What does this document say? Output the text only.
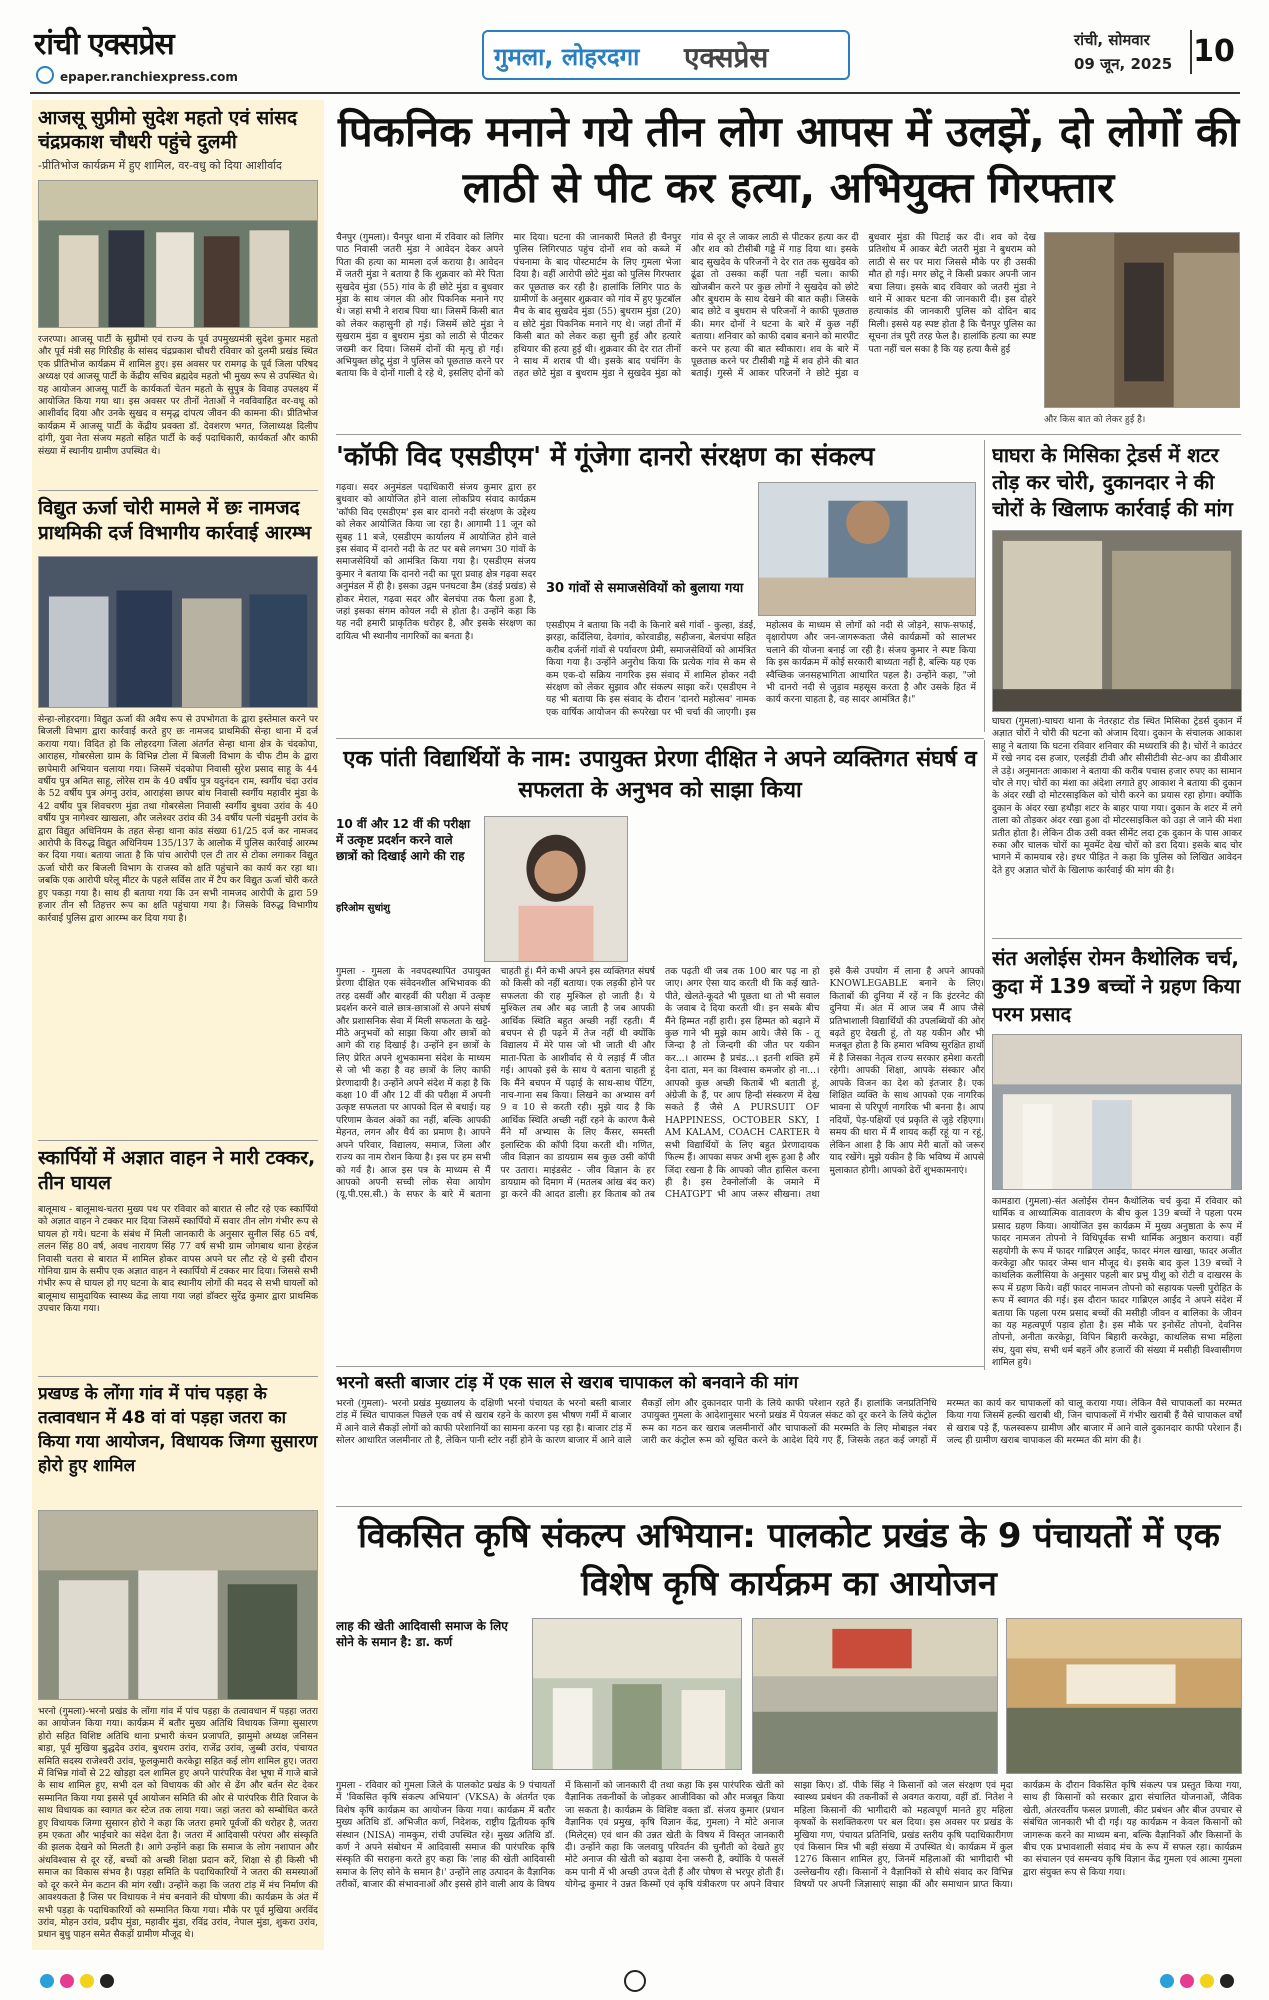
रांची एक्सप्रेस
epaper.ranchiexpress.com
गुमला, लोहरदगा एक्सप्रेस
रांची, सोमवार
09 जून, 2025 10
आजसू सुप्रीमो सुदेश महतो एवं सांसद चंद्रप्रकाश चौधरी पहुंचे दुलमी
-प्रीतिभोज कार्यक्रम में हुए शामिल, वर-वधु को दिया आशीर्वाद
रजरप्पा। आजसू पार्टी के सुप्रीमो एवं राज्य के पूर्व उपमुख्यमंत्री सुदेश कुमार महतो और पूर्व मंत्री सह गिरिडीह के सांसद चंद्रप्रकाश चौधरी रविवार को दुलमी प्रखंड स्थित एक प्रीतिभोज कार्यक्रम में शामिल हुए। इस अवसर पर रामगढ़ के पूर्व जिला परिषद अध्यक्ष एवं आजसू पार्टी के केंद्रीय सचिव ब्रह्मदेव महतो भी मुख्य रूप से उपस्थित थे। यह आयोजन आजसू पार्टी के कार्यकर्ता चेतन महतो के सुपुत्र के विवाह उपलक्ष्य में आयोजित किया गया था। इस अवसर पर तीनों नेताओं ने नवविवाहित वर-वधू को आशीर्वाद दिया और उनके सुखद व समृद्ध दांपत्य जीवन की कामना की। प्रीतिभोज कार्यक्रम में आजसू पार्टी के केंद्रीय प्रवक्ता डॉ. देवशरण भगत, जिलाध्यक्ष दिलीप दांगी, युवा नेता संजय महतो सहित पार्टी के कई पदाधिकारी, कार्यकर्ता और काफी संख्या में स्थानीय ग्रामीण उपस्थित थे।
विद्युत ऊर्जा चोरी मामले में छः नामजद प्राथमिकी दर्ज विभागीय कार्रवाई आरम्भ
सेन्हा-लोहरदगा। विद्युत ऊर्जा की अवैध रूप से उपभोगता के द्वारा इस्तेमाल करने पर बिजली विभाग द्वारा कार्रवाई करते हुए छः नामजद प्राथमिकी सेन्हा थाना में दर्ज कराया गया। विदित हो कि लोहरदगा जिला अंतर्गत सेन्हा थाना क्षेत्र के चंदकोपा, आराहस, गोबरसेला ग्राम के विभिन्न टोला में बिजली विभाग के चीफ टीम के द्वारा छापेमारी अभियान चलाया गया। जिसमें चंदकोपा निवासी सुरेश प्रसाद साहू के 44 वर्षीय पुत्र अमित साहू, लोरेस राम के 40 वर्षीय पुत्र यदुनंदन राम, स्वर्गीय चंदा उरांव के 52 वर्षीय पुत्र अंगनु उरांव, आराहंसा छापर बांध निवासी स्वर्गीय महावीर मुंडा के 42 वर्षीय पुत्र शिवचरण मुंडा तथा गोबरसेला निवासी स्वर्गीय बुधवा उरांव के 40 वर्षीय पुत्र नागेश्वर खाखला, और जलेश्वर उरांव की 34 वर्षीय पत्नी चंद्रमुनी उरांव के द्वारा विद्युत अधिनियम के तहत सेन्हा थाना कांड संख्या 61/25 दर्ज कर नामजद आरोपी के विरुद्ध विद्युत अधिनियम 135/137 के आलोक में पुलिस कार्रवाई आरम्भ कर दिया गया। बताया जाता है कि पांच आरोपी एल टी तार से टोका लगाकर विद्युत ऊर्जा चोरी कर बिजली विभाग के राजस्व को क्षति पहुंचाने का कार्य कर रहा था। जबकि एक आरोपी घरेलू मीटर के पहले सर्विस तार में टैप कर विद्युत ऊर्जा चोरी करते हुए पकड़ा गया है। साथ ही बताया गया कि उन सभी नामजद आरोपी के द्वारा 59 हजार तीन सौ तिहत्तर रूप का क्षति पहुंचाया गया है। जिसके विरुद्ध विभागीय कार्रवाई पुलिस द्वारा आरम्भ कर दिया गया है।
स्कार्पियों में अज्ञात वाहन ने मारी टक्कर, तीन घायल
बालूमाथ - बालूमाथ-चतरा मुख्य पथ पर रविवार को बारात से लौट रहे एक स्कार्पियो को अज्ञात वाहन ने टक्कर मार दिया जिसमें स्कार्पियो में सवार तीन लोग गंभीर रूप से घायल हो गये। घटना के संबंध में मिली जानकारी के अनुसार सुनील सिंह 65 वर्ष, ललन सिंह 80 वर्ष, अवध नारायण सिंह 77 वर्ष सभी ग्राम जोगबाथ थाना हेरहंज निवासी चतरा से बारात में शामिल होकर वापस अपने घर लौट रहे थे इसी दौरान गोनिया ग्राम के समीप एक अज्ञात वाहन ने स्कार्पियो में टक्कर मार दिया। जिससे सभी गंभीर रूप से घायल हो गए घटना के बाद स्थानीय लोगों की मदद से सभी घायलों को बालूमाथ सामुदायिक स्वास्थ्य केंद्र लाया गया जहां डॉक्टर सुरेंद्र कुमार द्वारा प्राथमिक उपचार किया गया।
प्रखण्ड के लोंगा गांव में पांच पड़हा के तत्वावधान में 48 वां वां पड़हा जतरा का किया गया आयोजन, विधायक जिग्गा सुसारण होरो हुए शामिल
भरनो (गुमला)-भरनो प्रखंड के लोंगा गांव में पांच पड़हा के तत्वावधान में पड़हा जतरा का आयोजन किया गया। कार्यक्रम में बतौर मुख्य अतिथि विधायक जिग्गा सुसारण होरो सहित विशिष्ट अतिथि थाना प्रभारी कंचन प्रजापति, झामुमो अध्यक्ष जनिसन बाड़ा, पूर्व मुखिया बुद्धदेव उरांव, बुधराम उरांव, राजेंद्र उरांव, जुब्बी उरांव, पंचायत समिति सदस्य राजेश्वरी उरांव, फूलकुमारी करकेट्टा सहित कई लोग शामिल हुए। जतरा में विभिन्न गांवों से 22 खोड़हा दल शामिल हुए अपने पारंपरिक वेश भूषा में गाजे बाजे के साथ शामिल हुए, सभी दल को विधायक की ओर से ढेंग और बर्तन सेट देकर सम्मानित किया गया इससे पूर्व आयोजन समिति की ओर से पारंपरिक रीति रिवाज के साथ विधायक का स्वागत कर स्टेज तक लाया गया। जहां जतरा को सम्बोधित करते हुए विधायक जिग्गा सुसारन होरो ने कहा कि जतरा हमारे पूर्वजों की धरोहर है, जतरा हम एकता और भाईचारे का संदेश देता है। जतरा में आदिवासी परंपरा और संस्कृति की झलक देखने को मिलती है। आगे उन्होंने कहा कि समाज के लोग नशापान और अंधविश्वास से दूर रहें, बच्चों को अच्छी शिक्षा प्रदान करें, शिक्षा से ही किसी भी समाज का विकास संभव है। पड़हा समिति के पदाधिकारियों ने जतरा की समस्याओं को दूर करने मेन कटान की मांग रखी। उन्होंने कहा कि जतरा टांड़ में मंच निर्माण की आवश्यकता है जिस पर विधायक ने मंच बनवाने की घोषणा की। कार्यक्रम के अंत में सभी पड़हा के पदाधिकारियों को सम्मानित किया गया। मौके पर पूर्व मुखिया अरविंद उरांव, मोहन उरांव, प्रदीप मुंडा, महावीर मुंडा, रविंद्र उरांव, नेपाल मुंडा, शुकरा उरांव, प्रधान बुधु पाहन समेत सैकड़ों ग्रामीण मौजूद थे।
पिकनिक मनाने गये तीन लोग आपस में उलझें, दो लोगों की लाठी से पीट कर हत्या, अभियुक्त गिरफ्तार
चैनपुर (गुमला)। चैनपुर थाना में रविवार को लिगिर पाठ निवासी जतरी मुंडा ने आवेदन देकर अपने पिता की हत्या का मामला दर्ज कराया है। आवेदन में जतरी मुंडा ने बताया है कि शुक्रवार को मेरे पिता सुखदेव मुंडा (55) गांव के ही छोटे मुंडा व बुधवार मुंडा के साथ जंगल की ओर पिकनिक मनाने गए थे। जहां सभी ने शराब पिया था। जिसमें किसी बात को लेकर कहासुनी हो गई। जिसमें छोटे मुंडा ने सुखराम मुंडा व बुधराम मुंडा को लाठी से पीटकर जख्मी कर दिया। जिसमें दोनों की मृत्यु हो गई। अभियुक्त छोटू मुंडा ने पुलिस को पूछताछ करने पर बताया कि वे दोनों गाली दे रहे थे, इसलिए दोनों को मार दिया। घटना की जानकारी मिलते ही चैनपुर पुलिस लिगिरपाठ पहुंच दोनों शव को कब्जे में पंचनामा के बाद पोस्टमार्टम के लिए गुमला भेजा दिया है। वहीं आरोपी छोटे मुंडा को पुलिस गिरफ्तार कर पूछताछ कर रही है। हालांकि लिगिर पाठ के ग्रामीणों के अनुसार शुक्रवार को गांव में हुए फुटबॉल मैच के बाद सुखदेव मुंडा (55) बुधराम मुंडा (20) व छोटे मुंडा पिकनिक मनाने गए थे। जहां तीनों में किसी बात को लेकर कहा सुनी हुई और हत्यारे हथियार की हत्या हुई थी। शुक्रवार की देर रात तीनों ने साथ में शराब पी थी। इसके बाद पचंनिंग के तहत छोटे मुंडा व बुधराम मुंडा ने सुखदेव मुंडा को गांव से दूर ले जाकर लाठी से पीटकर हत्या कर दी और शव को टीसीबी गड्ढे में गाड़ दिया था। इसके बाद सुखदेव के परिजनों ने देर रात तक सुखदेव को ढूंढा तो उसका कहीं पता नहीं चला। काफी खोजबीन करने पर कुछ लोगों ने सुखदेव को छोटे और बुधराम के साथ देखने की बात कही। जिसके बाद छोटे व बुधराम से परिजनों ने काफी पूछताछ की। मगर दोनों ने घटना के बारे में कुछ नहीं बताया। शनिवार को काफी दबाव बनाने को मारपीट करने पर हत्या की बात स्वीकारा। शव के बारे में पूछताछ करने पर टीसीबी गड्ढे में शव होने की बात बताई। गुस्से में आकर परिजनों ने छोटे मुंडा व बुधवार मुंडा की पिटाई कर दी। शव को देख प्रतिशोध में आकर बेटी जतरी मुंडा ने बुधराम को लाठी से सर पर मारा जिससे मौके पर ही उसकी मौत हो गई। मगर छोटू ने किसी प्रकार अपनी जान बचा लिया। इसके बाद रविवार को जतरी मुंडा ने थाने में आकर घटना की जानकारी दी। इस दोहरे हत्याकांड की जानकारी पुलिस को दोदिन बाद मिली। इससे यह स्पष्ट होता है कि चैनपुर पुलिस का सूचना तंत्र पूरी तरह फेल है। हालांकि हत्या का स्पष्ट पता नहीं चल सका है कि यह हत्या कैसे हुई
और किस बात को लेकर हुई है।
'कॉफी विद एसडीएम' में गूंजेगा दानरो संरक्षण का संकल्प
गढ़वा। सदर अनुमंडल पदाधिकारी संजय कुमार द्वारा हर बुधवार को आयोजित होने वाला लोकप्रिय संवाद कार्यक्रम 'कॉफी विद एसडीएम' इस बार दानरो नदी संरक्षण के उद्देश्य को लेकर आयोजित किया जा रहा है। आगामी 11 जून को सुबह 11 बजे, एसडीएम कार्यालय में आयोजित होने वाले इस संवाद में दानरो नदी के तट पर बसे लगभग 30 गांवों के समाजसेवियों को आमंत्रित किया गया है। एसडीएम संजय कुमार ने बताया कि दानरो नदी का पूरा प्रवाह क्षेत्र गढ़वा सदर अनुमंडल में ही है। इसका उद्गम पनघटवा डैम (डंडई प्रखंड) से होकर मेराल, गढ़वा सदर और बेलचंपा तक फैला हुआ है, जहां इसका संगम कोयल नदी से होता है। उन्होंने कहा कि यह नदी हमारी प्राकृतिक धरोहर है, और इसके संरक्षण का दायित्व भी स्थानीय नागरिकों का बनता है।
30 गांवों से समाजसेवियों को बुलाया गया
एसडीएम ने बताया कि नदी के किनारे बसे गांवों - कुल्हा, डंडई, झरहा, कर्दिलिया, देवगांव, कोरवाडीह, सहीजना, बेलचंपा सहित करीब दर्जनों गांवों से पर्यावरण प्रेमी, समाजसेवियों को आमंत्रित किया गया है। उन्होंने अनुरोध किया कि प्रत्येक गांव से कम से कम एक-दो सक्रिय नागरिक इस संवाद में शामिल होकर नदी संरक्षण को लेकर सुझाव और संकल्प साझा करें। एसडीएम ने यह भी बताया कि इस संवाद के दौरान 'दानरो महोत्सव' नामक एक वार्षिक आयोजन की रूपरेखा पर भी चर्चा की जाएगी। इस महोत्सव के माध्यम से लोगों को नदी से जोड़ने, साफ-सफाई, वृक्षारोपण और जन-जागरूकता जैसे कार्यक्रमों को सालभर चलाने की योजना बनाई जा रही है। संजय कुमार ने स्पष्ट किया कि इस कार्यक्रम में कोई सरकारी बाध्यता नहीं है, बल्कि यह एक स्वैच्छिक जनसहभागिता आधारित पहल है। उन्होंने कहा, "जो भी दानरो नदी से जुड़ाव महसूस करता है और उसके हित में कार्य करना चाहता है, वह सादर आमंत्रित है।"
घाघरा के मिसिका ट्रेडर्स में शटर तोड़ कर चोरी, दुकानदार ने की चोरों के खिलाफ कार्रवाई की मांग
घाघरा (गुमला)-घाघरा थाना के नेतरहाट रोड स्थित मिसिका ट्रेडर्स दुकान में अज्ञात चोरों ने चोरी की घटना को अंजाम दिया। दुकान के संचालक आकाश साहू ने बताया कि घटना रविवार शनिवार की मध्यरात्रि की है। चोरों ने काउंटर में रखे नगद दस हजार, एलईडी टीवी और सीसीटीवी सेट-अप का डीवीआर ले उड़े। अनुमानतः आकाश ने बताया की करीब पचास हजार रुपए का सामान चोर ले गए। चोरों का मंशा का अंदेशा लगाते हुए आकाश ने बताया की दुकान के अंदर रखी दो मोटरसाइकिल को चोरी करने का प्रयास रहा होगा। क्योंकि दुकान के अंदर रखा हथौड़ा शटर के बाहर पाया गया। दुकान के शटर में लगे ताला को तोड़कर अंदर रखा हुआ दो मोटरसाइकिल को उड़ा ले जाने की मंशा प्रतीत होता है। लेकिन ठीक उसी वक्त सीमेंट लदा ट्रक दुकान के पास आकर रुका और चालक चोरों का मूवमेंट देख चोरों को डरा दिया। इसके बाद चोर भागने में कामयाब रहे। इधर पीड़ित ने कहा कि पुलिस को लिखित आवेदन देते हुए अज्ञात चोरों के खिलाफ कार्रवाई की मांग की है।
एक पांती विद्यार्थियों के नाम: उपायुक्त प्रेरणा दीक्षित ने अपने व्यक्तिगत संघर्ष व सफलता के अनुभव को साझा किया
10 वीं और 12 वीं की परीक्षा में उत्कृष्ट प्रदर्शन करने वाले छात्रों को दिखाई आगे की राह
हरिओम सुधांशु
गुमला - गुमला के नवपदस्थापित उपायुक्त प्रेरणा दीक्षित एक संवेदनशील अभिभावक की तरह दसवीं और बारहवीं की परीक्षा में उत्कृष्ट प्रदर्शन करने वाले छात्र-छात्राओं से अपने संघर्ष और प्रशासनिक सेवा में मिली सफलता के खट्टे-मीठे अनुभवों को साझा किया और छात्रों को आगे की राह दिखाई है। उन्होंने इन छात्रों के लिए प्रेरित अपने शुभकामना संदेश के माध्यम से जो भी कहा है वह छात्रों के लिए काफी प्रेरणादायी है। उन्होंने अपने संदेश में कहा है कि कक्षा 10 वीं और 12 वीं की परीक्षा में अपनी उत्कृष्ट सफलता पर आपको दिल से बधाई। यह परिणाम केवल अंकों का नहीं, बल्कि आपकी मेहनत, लगन और धैर्य का प्रमाण है। आपने अपने परिवार, विद्यालय, समाज, जिला और राज्य का नाम रोशन किया है। इस पर हम सभी को गर्व है। आज इस पत्र के माध्यम से मैं आपको अपनी सच्ची लोक सेवा आयोग (यू.पी.एस.सी.) के सफर के बारे में बताना चाहती हूं। मैंने कभी अपने इस व्यक्तिगत संघर्ष को किसी को नहीं बताया। एक लड़की होने पर सफलता की राह मुश्किल हो जाती है। ये मुश्किल तब और बढ़ जाती है जब आपकी आर्थिक स्थिति बहुत अच्छी नहीं रहती। मैं बचपन से ही पढ़ने में तेज नहीं थी क्योंकि विद्यालय में मेरे पास जो भी जाती थी और माता-पिता के आशीर्वाद से ये लड़ाई मैं जीत गई। आपको इसे के साथ ये बताना चाहती हूं कि मैंने बचपन में पढ़ाई के साथ-साथ पेंटिंग, नाच-गाना सब किया। लिखने का अभ्यास वर्ग 9 व 10 से करती रही। मुझे याद है कि आर्थिक स्थिति अच्छी नहीं रहने के कारण कैसे मैंने माँ अभ्यास के लिए कैंसर, समस्ती इलास्टिक की कॉपी दिया करती थी। गणित, जीव विज्ञान का डायग्राम सब कुछ उसी कॉपी पर उतारा। माइंडसेट - जीव विज्ञान के हर डायग्राम को दिमाग में (मतलब आंख बंद कर) ड्रा करने की आदत डाली। हर किताब को तब तक पढ़ती थी जब तक 100 बार पढ़ ना हो जाए। अगर ऐसा याद करती थी कि कई खाते-पीते, खेलते-कूदते भी पूछता था तो भी सवाल के जवाब दे दिया करती थी। इन सबके बीच मैंने हिम्मत नहीं हारी। इस हिम्मत को बढ़ाने में कुछ गाने भी मुझे काम आये। जैसे कि - तू जिन्दा है तो जिन्दगी की जीत पर यकीन कर...। आरम्भ है प्रचंड...। इतनी शक्ति हमें देना दाता, मन का विश्वास कमजोर हो ना...। आपको कुछ अच्छी किताबें भी बताती हूं, अंग्रेजी के हैं, पर आप हिन्दी संस्करण में देख सकते हैं जैसे A PURSUIT OF HAPPINESS, OCTOBER SKY, I AM KALAM, COACH CARTER ये सभी विद्यार्थियों के लिए बहुत प्रेरणादायक फिल्म हैं। आपका सफर अभी शुरू हुआ है और जिंदा रखना है कि आपको जीत हासिल करना ही है। इस टेक्नोलॉजी के जमाने में CHATGPT भी आप जरूर सीखना। तथा इसे कैसे उपयोग में लाना है अपने आपको KNOWLEGABLE बनाने के लिए। किताबों की दुनिया में रहें न कि इंटरनेट की दुनिया में। अंत में आज जब मैं आप जैसे प्रतिभाशाली विद्यार्थियों की उपलब्धियों की ओर बढ़ते हुए देखती हूं, तो यह यकीन और भी मजबूत होता है कि हमारा भविष्य सुरक्षित हाथों में है जिसका नेतृत्व राज्य सरकार हमेशा करती रहेगी। आपकी शिक्षा, आपके संस्कार और आपके विजन का देश को इंतजार है। एक शिक्षित व्यक्ति के साथ आपको एक नागरिक भावना से परिपूर्ण नागरिक भी बनना है। आप नदियों, पेड़-पक्षियों एवं प्रकृति से जुड़े रहिएगा। समय की धारा में मैं शायद कहीं रहूं या न रहूं, लेकिन आशा है कि आप मेरी बातों को जरूर याद रखेंगे। मुझे यकीन है कि भविष्य में आपसे मुलाकात होगी। आपको ढेरों शुभकामनाएं।
संत अलोईस रोमन कैथोलिक चर्च, कुदा में 139 बच्चों ने ग्रहण किया परम प्रसाद
कामडारा (गुमला)-संत अलोईस रोमन कैथोलिक चर्च कुदा में रविवार को धार्मिक व आध्यात्मिक वातावरण के बीच कुल 139 बच्चों ने पहला परम प्रसाद ग्रहण किया। आयोजित इस कार्यक्रम में मुख्य अनुष्ठाता के रूप में फादर नामजन तोपनो ने विधिपूर्वक सभी धार्मिक अनुष्ठान कराया। वहीं सहयोगी के रूप में फादर गाब्रिएल आईंद, फादर मंगल खाखा, फादर अजीत करकेट्टा और फादर जेम्स धान मौजूद थे। इसके बाद कुल 139 बच्चों ने काथलिक कलीसिया के अनुसार पहली बार प्रभु यीशु को रोटी व दाखरस के रूप में ग्रहण किये। वहीं फादर नामजन तोपनो को सहायक पल्ली पुरोहित के रूप में स्वागत की गई। इस दौरान फादर गाब्रिएल आईंद ने अपने संदेश में बताया कि पहला परम प्रसाद बच्चों की मसीही जीवन व बालिका के जीवन का यह महत्वपूर्ण पड़ाव होता है। इस मौके पर इनोसेंट तोपनो, देवनिस तोपनो, अनीता करकेट्टा, विपिन बिहारी करकेट्टा, काथलिक सभा महिला संघ, युवा संघ, सभी धर्म बहनें और हजारों की संख्या में मसीही विश्वासीगण शामिल हुये।
भरनो बस्ती बाजार टांड़ में एक साल से खराब चापाकल को बनवाने की मांग
भरनो (गुमला)- भरनो प्रखंड मुख्यालय के दक्षिणी भरनो पंचायत के भरनो बस्ती बाजार टांड़ में स्थित चापाकल पिछले एक वर्ष से खराब रहने के कारण इस भीषण गर्मी में बाजार में आने वाले सैकड़ों लोगों को काफी परेशानियों का सामना करना पड़ रहा है। बाजार टांड़ में सोलर आधारित जलमीनार तो है, लेकिन पानी स्टोर नहीं होने के कारण बाजार में आने वाले सैकड़ों लोग और दुकानदार पानी के लिये काफी परेशान रहते हैं। हालांकि जनप्रतिनिधि उपायुक्त गुमला के आदेशानुसार भरनो प्रखंड में पेयजल संकट को दूर करने के लिये कंट्रोल रूम का गठन कर खराब जलमीनारों और चापाकलों की मरम्मति के लिए मोबाइल नंबर जारी कर कंट्रोल रूम को सूचित करने के आदेश दिये गए हैं, जिसके तहत कई जगहों में मरम्मत का कार्य कर चापाकलों को चालू कराया गया। लेकिन वैसे चापाकलों का मरम्मत किया गया जिसमें हल्की खराबी थी, जिन चापाकलों में गंभीर खराबी हैं वैसे चापाकल वर्षों से खराब पड़े हैं, फलस्वरूप ग्रामीण और बाजार में आने वाले दुकानदार काफी परेशान हैं। जल्द ही ग्रामीण खराब चापाकल की मरम्मत की मांग की है।
विकसित कृषि संकल्प अभियान: पालकोट प्रखंड के 9 पंचायतों में एक विशेष कृषि कार्यक्रम का आयोजन
लाह की खेती आदिवासी समाज के लिए सोने के समान है: डा. कर्ण
गुमला - रविवार को गुमला जिले के पालकोट प्रखंड के 9 पंचायतों में 'विकसित कृषि संकल्प अभियान' (VKSA) के अंतर्गत एक विशेष कृषि कार्यक्रम का आयोजन किया गया। कार्यक्रम में बतौर मुख्य अतिथि डॉ. अभिजीत कर्ण, निदेशक, राष्ट्रीय द्वितीयक कृषि संस्थान (NISA) नामकुम, रांची उपस्थित रहे। मुख्य अतिथि डॉ. कर्ण ने अपने संबोधन में आदिवासी समाज की पारंपरिक कृषि संस्कृति की सराहना करते हुए कहा कि 'लाह की खेती आदिवासी समाज के लिए सोने के समान है।' उन्होंने लाह उत्पादन के वैज्ञानिक तरीकों, बाजार की संभावनाओं और इससे होने वाली आय के विषय में किसानों को जानकारी दी तथा कहा कि इस पारंपरिक खेती को वैज्ञानिक तकनीकों के जोड़कर आजीविका को और मजबूत किया जा सकता है। कार्यक्रम के विशिष्ट वक्ता डॉ. संजय कुमार (प्रधान वैज्ञानिक एवं प्रमुख, कृषि विज्ञान केंद्र, गुमला) ने मोटे अनाज (मिलेट्स) एवं धान की उन्नत खेती के विषय में विस्तृत जानकारी दी। उन्होंने कहा कि जलवायु परिवर्तन की चुनौती को देखते हुए मोटे अनाज की खेती को बढ़ावा देना जरूरी है, क्योंकि ये फसलें कम पानी में भी अच्छी उपज देती हैं और पोषण से भरपूर होती हैं। योगेन्द्र कुमार ने उन्नत किस्मों एवं कृषि यंत्रीकरण पर अपने विचार साझा किए। डॉ. पीके सिंह ने किसानों को जल संरक्षण एवं मृदा स्वास्थ्य प्रबंधन की तकनीकों से अवगत कराया, वहीं डॉ. नितेश ने महिला किसानों की भागीदारी को महत्वपूर्ण मानते हुए महिला कृषकों के सशक्तिकरण पर बल दिया। इस अवसर पर प्रखंड के मुखिया गण, पंचायत प्रतिनिधि, प्रखंड स्तरीय कृषि पदाधिकारीगण एवं किसान मित्र भी बड़ी संख्या में उपस्थित थे। कार्यक्रम में कुल 1276 किसान शामिल हुए, जिनमें महिलाओं की भागीदारी भी उल्लेखनीय रही। किसानों ने वैज्ञानिकों से सीधे संवाद कर विभिन्न विषयों पर अपनी जिज्ञासाएं साझा कीं और समाधान प्राप्त किया। कार्यक्रम के दौरान विकसित कृषि संकल्प पत्र प्रस्तुत किया गया, साथ ही किसानों को सरकार द्वारा संचालित योजनाओं, जैविक खेती, अंतरवर्तीय फसल प्रणाली, कीट प्रबंधन और बीज उपचार से संबंधित जानकारी भी दी गई। यह कार्यक्रम न केवल किसानों को जागरूक करने का माध्यम बना, बल्कि वैज्ञानिकों और किसानों के बीच एक प्रभावशाली संवाद मंच के रूप में सफल रहा। कार्यक्रम का संचालन एवं समन्वय कृषि विज्ञान केंद्र गुमला एवं आत्मा गुमला द्वारा संयुक्त रूप से किया गया।
